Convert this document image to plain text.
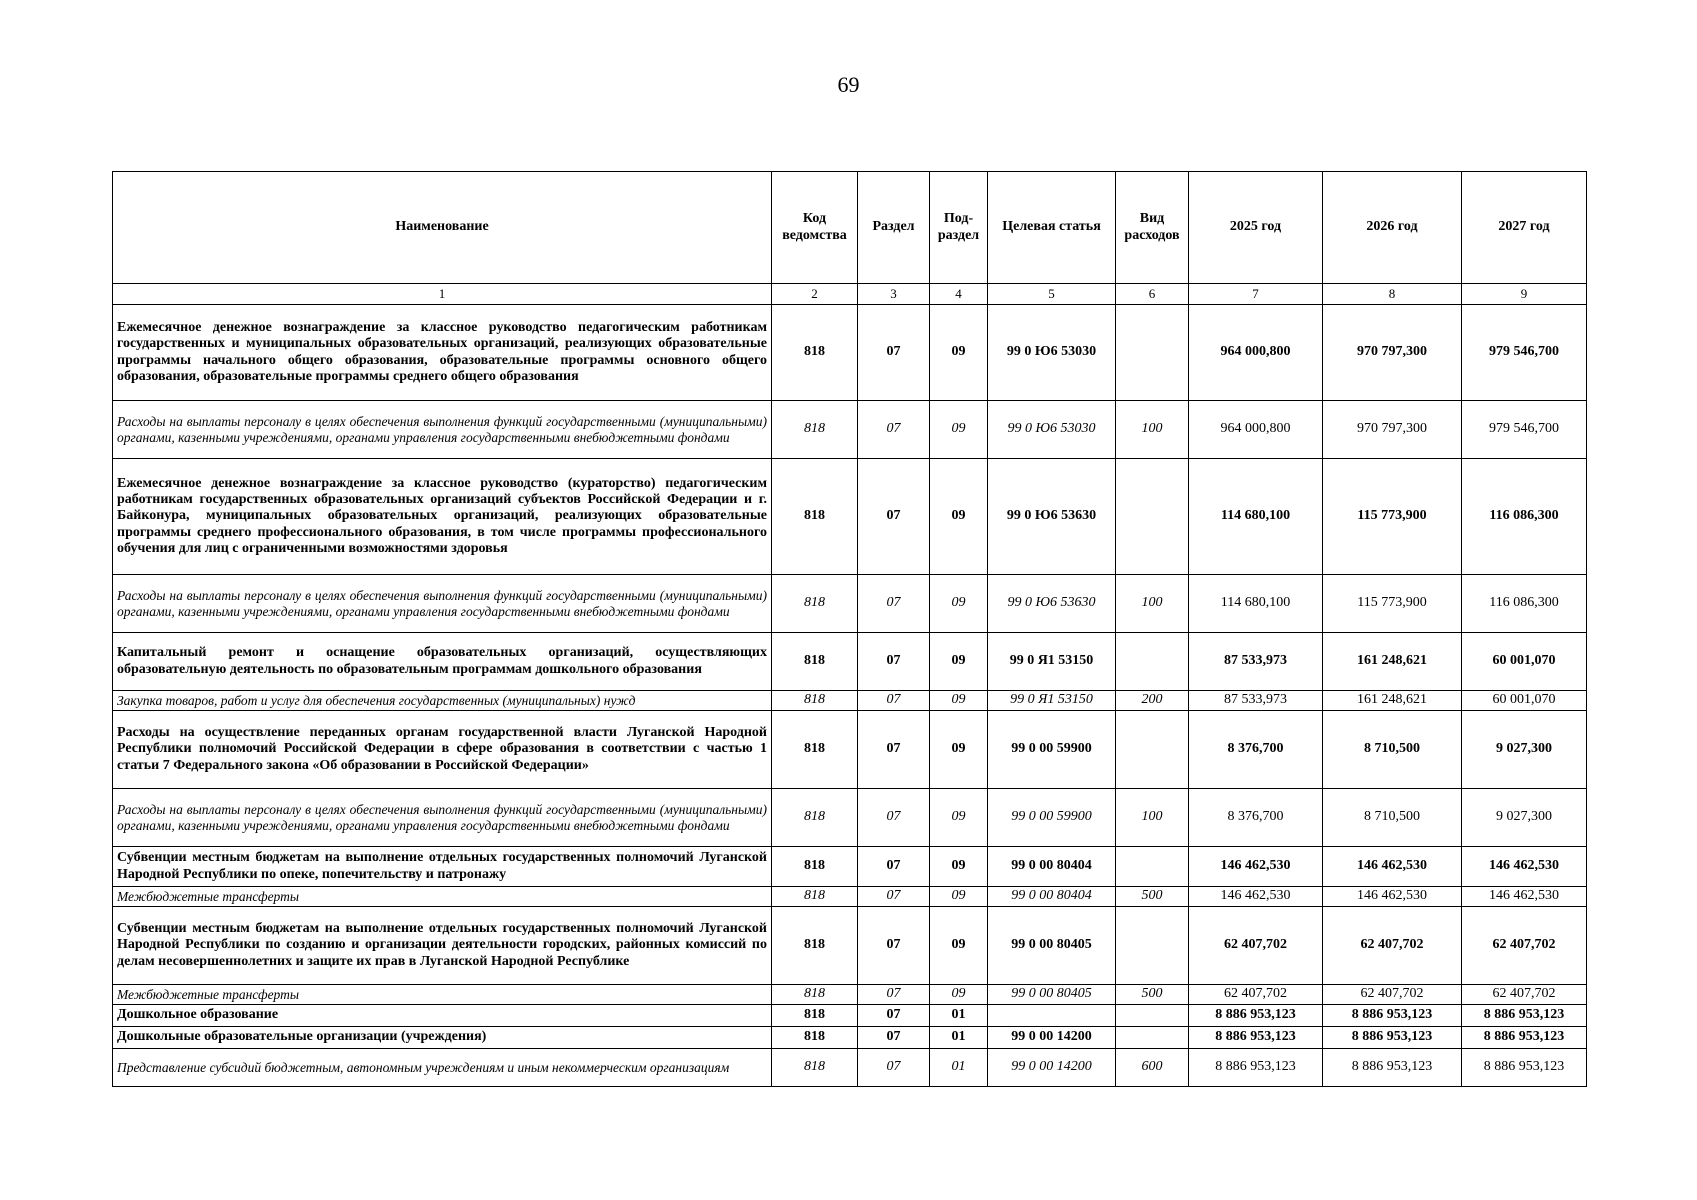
69
Наименование	Код ведомства	Раздел	Под-раздел	Целевая статья	Вид расходов	2025 год	2026 год	2027 год
1	2	3	4	5	6	7	8	9
Ежемесячное денежное вознаграждение за классное руководство педагогическим работникам государственных и муниципальных образовательных организаций, реализующих образовательные программы начального общего образования, образовательные программы основного общего образования, образовательные программы среднего общего образования	818	07	09	99 0 Ю6 53030		964 000,800	970 797,300	979 546,700
Расходы на выплаты персоналу в целях обеспечения выполнения функций государственными (муниципальными) органами, казенными учреждениями, органами управления государственными внебюджетными фондами	818	07	09	99 0 Ю6 53030	100	964 000,800	970 797,300	979 546,700
Ежемесячное денежное вознаграждение за классное руководство (кураторство) педагогическим работникам государственных образовательных организаций субъектов Российской Федерации и г. Байконура, муниципальных образовательных организаций, реализующих образовательные программы среднего профессионального образования, в том числе программы профессионального обучения для лиц с ограниченными возможностями здоровья	818	07	09	99 0 Ю6 53630		114 680,100	115 773,900	116 086,300
Расходы на выплаты персоналу в целях обеспечения выполнения функций государственными (муниципальными) органами, казенными учреждениями, органами управления государственными внебюджетными фондами	818	07	09	99 0 Ю6 53630	100	114 680,100	115 773,900	116 086,300
Капитальный ремонт и оснащение образовательных организаций, осуществляющих образовательную деятельность по образовательным программам дошкольного образования	818	07	09	99 0 Я1 53150		87 533,973	161 248,621	60 001,070
Закупка товаров, работ и услуг для обеспечения государственных (муниципальных) нужд	818	07	09	99 0 Я1 53150	200	87 533,973	161 248,621	60 001,070
Расходы на осуществление переданных органам государственной власти Луганской Народной Республики полномочий Российской Федерации в сфере образования в соответствии с частью 1 статьи 7 Федерального закона «Об образовании в Российской Федерации»	818	07	09	99 0 00 59900		8 376,700	8 710,500	9 027,300
Расходы на выплаты персоналу в целях обеспечения выполнения функций государственными (муниципальными) органами, казенными учреждениями, органами управления государственными внебюджетными фондами	818	07	09	99 0 00 59900	100	8 376,700	8 710,500	9 027,300
Субвенции местным бюджетам на выполнение отдельных государственных полномочий Луганской Народной Республики по опеке, попечительству и патронажу	818	07	09	99 0 00 80404		146 462,530	146 462,530	146 462,530
Межбюджетные трансферты	818	07	09	99 0 00 80404	500	146 462,530	146 462,530	146 462,530
Субвенции местным бюджетам на выполнение отдельных государственных полномочий Луганской Народной Республики по созданию и организации деятельности городских, районных комиссий по делам несовершеннолетних и защите их прав в Луганской Народной Республике	818	07	09	99 0 00 80405		62 407,702	62 407,702	62 407,702
Межбюджетные трансферты	818	07	09	99 0 00 80405	500	62 407,702	62 407,702	62 407,702
Дошкольное образование	818	07	01			8 886 953,123	8 886 953,123	8 886 953,123
Дошкольные образовательные организации (учреждения)	818	07	01	99 0 00 14200		8 886 953,123	8 886 953,123	8 886 953,123
Представление субсидий бюджетным, автономным учреждениям и иным некоммерческим организациям	818	07	01	99 0 00 14200	600	8 886 953,123	8 886 953,123	8 886 953,123
